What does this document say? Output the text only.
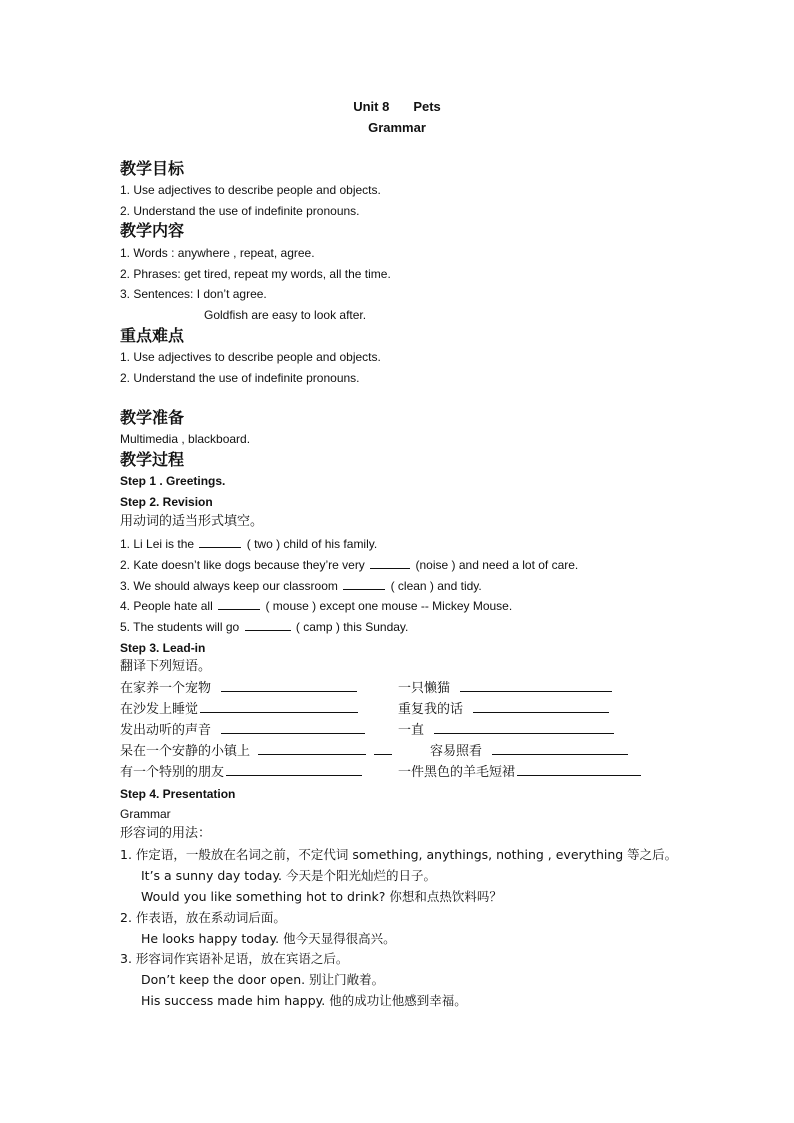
Unit 8 Pets
Grammar
教学目标
1. Use adjectives to describe people and objects.
2. Understand the use of indefinite pronouns.
教学内容
1. Words : anywhere , repeat, agree.
2. Phrases: get tired, repeat my words, all the time.
3. Sentences: I don’t agree.
Goldfish are easy to look after.
重点难点
1. Use adjectives to describe people and objects.
2. Understand the use of indefinite pronouns.
教学准备
Multimedia , blackboard.
教学过程
Step 1 . Greetings.
Step 2. Revision
用动词的适当形式填空。
1. Li Lei is the	( two ) child of his family.
2. Kate doesn’t like dogs because they’re very	(noise ) and need a lot of care.
3. We should always keep our classroom	( clean ) and tidy.
4. People hate all	( mouse ) except one mouse -- Mickey Mouse.
5. The students will go	( camp ) this Sunday.
Step 3. Lead-in
翻译下列短语。
在家养一个宠物	一只懒猫
在沙发上睡觉	重复我的话
发出动听的声音	一直
呆在一个安静的小镇上	容易照看
有一个特别的朋友	一件黑色的羊毛短裙
Step 4. Presentation
Grammar
形容词的用法：
1. 作定语，一般放在名词之前，不定代词 something, anythings, nothing , everything 等之后。
It’s a sunny day today. 今天是个阳光灿烂的日子。
Would you like something hot to drink? 你想和点热饮料吗？
2. 作表语，放在系动词后面。
He looks happy today. 他今天显得很高兴。
3. 形容词作宾语补足语，放在宾语之后。
Don’t keep the door open. 别让门敞着。
His success made him happy. 他的成功让他感到幸福。
